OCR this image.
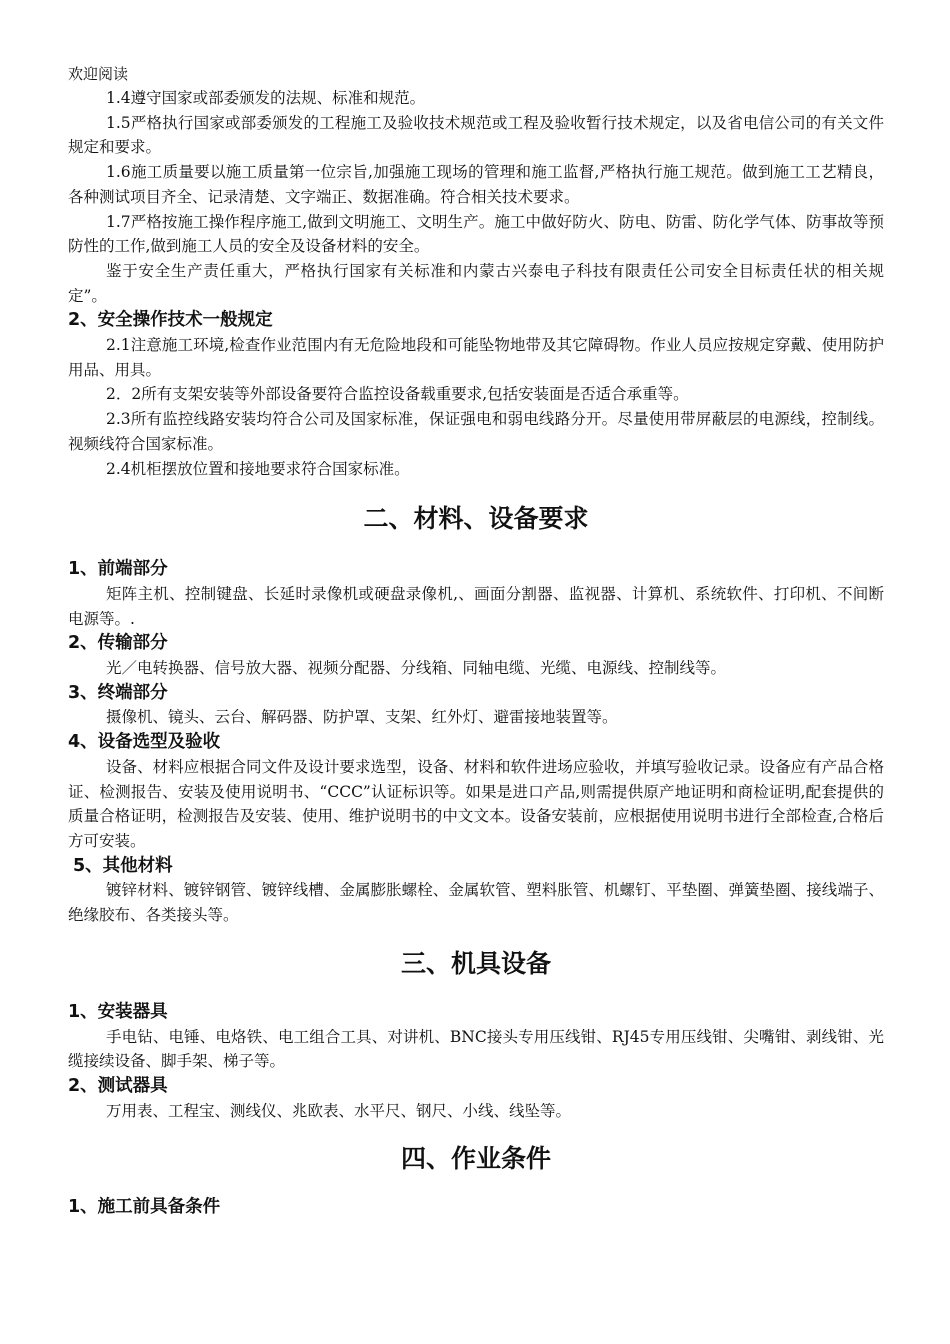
欢迎阅读

1.4遵守国家或部委颁发的法规、标准和规范。

1.5严格执行国家或部委颁发的工程施工及验收技术规范或工程及验收暂行技术规定，以及省电信公司的有关文件规定和要求。

1.6施工质量要以施工质量第一位宗旨,加强施工现场的管理和施工监督,严格执行施工规范。做到施工工艺精良，各种测试项目齐全、记录清楚、文字端正、数据准确。符合相关技术要求。

1.7严格按施工操作程序施工,做到文明施工、文明生产。施工中做好防火、防电、防雷、防化学气体、防事故等预防性的工作,做到施工人员的安全及设备材料的安全。

鉴于安全生产责任重大，严格执行国家有关标准和内蒙古兴泰电子科技有限责任公司安全目标责任状的相关规定”。

2、安全操作技术一般规定

2.1注意施工环境,检查作业范围内有无危险地段和可能坠物地带及其它障碍物。作业人员应按规定穿戴、使用防护用品、用具。

2．2所有支架安装等外部设备要符合监控设备载重要求,包括安装面是否适合承重等。

2.3所有监控线路安装均符合公司及国家标准，保证强电和弱电线路分开。尽量使用带屏蔽层的电源线，控制线。视频线符合国家标准。

2.4机柜摆放位置和接地要求符合国家标准。

二、材料、设备要求
1、前端部分

矩阵主机、控制键盘、长延时录像机或硬盘录像机,、画面分割器、监视器、计算机、系统软件、打印机、不间断电源等。.

2、传输部分

光／电转换器、信号放大器、视频分配器、分线箱、同轴电缆、光缆、电源线、控制线等。

3、终端部分

摄像机、镜头、云台、解码器、防护罩、支架、红外灯、避雷接地装置等。

4、设备选型及验收

设备、材料应根据合同文件及设计要求选型，设备、材料和软件进场应验收，并填写验收记录。设备应有产品合格证、检测报告、安装及使用说明书、“CCC”认证标识等。如果是进口产品,则需提供原产地证明和商检证明,配套提供的质量合格证明，检测报告及安装、使用、维护说明书的中文文本。设备安装前，应根据使用说明书进行全部检查,合格后方可安装。

5、其他材料

镀锌材料、镀锌钢管、镀锌线槽、金属膨胀螺栓、金属软管、塑料胀管、机螺钉、平垫圈、弹簧垫圈、接线端子、绝缘胶布、各类接头等。

三、机具设备
1、安装器具

手电钻、电锤、电烙铁、电工组合工具、对讲机、BNC接头专用压线钳、RJ45专用压线钳、尖嘴钳、剥线钳、光缆接续设备、脚手架、梯子等。

2、测试器具

万用表、工程宝、测线仪、兆欧表、水平尺、钢尺、小线、线坠等。

四、作业条件
1、施工前具备条件
